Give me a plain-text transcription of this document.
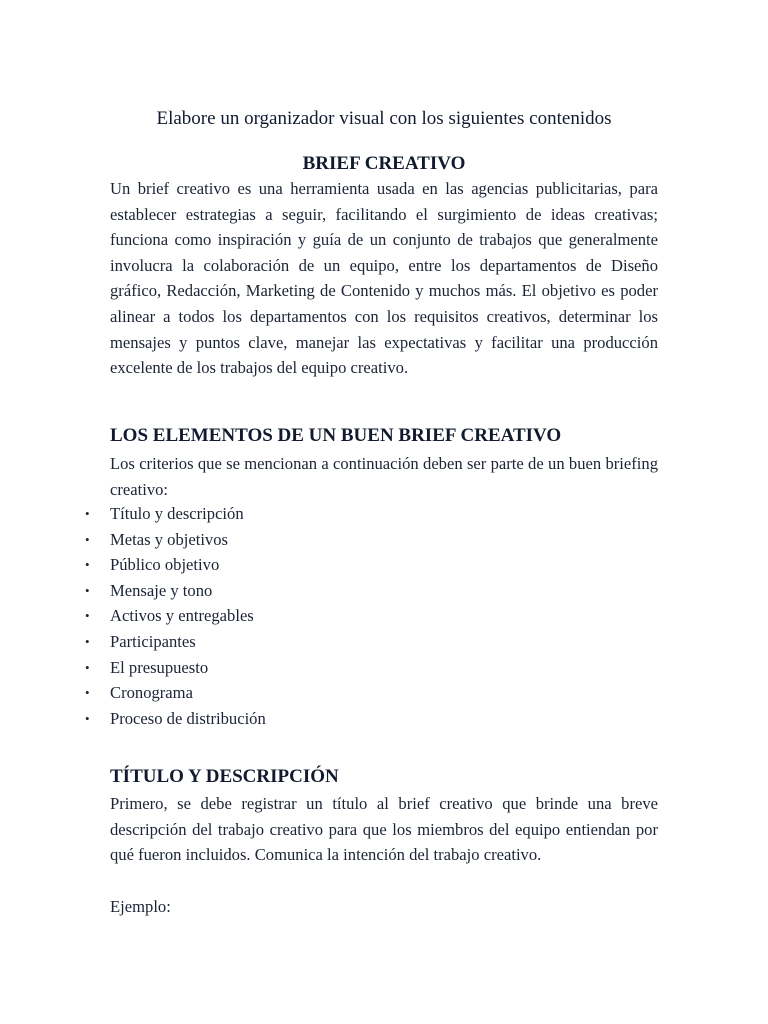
Elabore un organizador visual con los siguientes contenidos
BRIEF CREATIVO
Un brief creativo es una herramienta usada en las agencias publicitarias, para establecer estrategias a seguir, facilitando el surgimiento de ideas creativas; funciona como inspiración y guía de un conjunto de trabajos que generalmente involucra la colaboración de un equipo, entre los departamentos de Diseño gráfico, Redacción, Marketing de Contenido y muchos más. El objetivo es poder alinear a todos los departamentos con los requisitos creativos, determinar los mensajes y puntos clave, manejar las expectativas y facilitar una producción excelente de los trabajos del equipo creativo.
LOS ELEMENTOS DE UN BUEN BRIEF CREATIVO
Los criterios que se mencionan a continuación deben ser parte de un buen briefing creativo:
• Título y descripción
• Metas y objetivos
• Público objetivo
• Mensaje y tono
• Activos y entregables
• Participantes
• El presupuesto
• Cronograma
• Proceso de distribución
TÍTULO Y DESCRIPCIÓN
Primero, se debe registrar un título al brief creativo que brinde una breve descripción del trabajo creativo para que los miembros del equipo entiendan por qué fueron incluidos. Comunica la intención del trabajo creativo.
Ejemplo:
